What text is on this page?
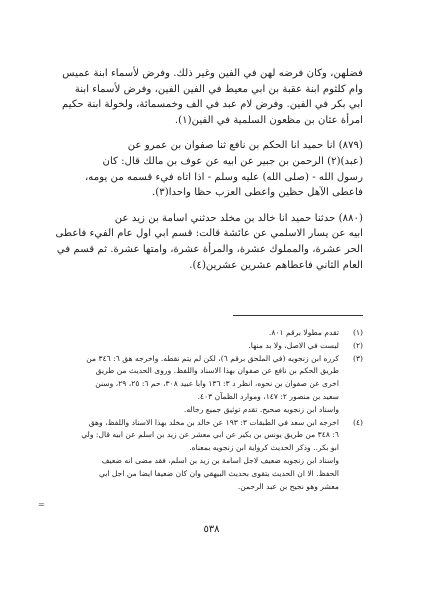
فضلهن، وكان فرضه لهن في الفين وغير ذلك. وفرض لأسماء ابنة عميس

وام كلثوم ابنة عقبة بن ابي معيط في الفين الفين، وفرض لأسماء ابنة

ابي بكر في الفين. وفرض لام عبد في الف وخمسمائة، ولخولة ابنة حكيم

امرأة عثان بن مظعون السلمية في الفين(١).

(٨٧٩) انا حميد انا الحكم بن نافع ثنا صفوان بن عمرو عن

(عبد)(٢) الرحمن بن جبير عن ابيه عن عوف بن مالك قال: كان

رسول الله - (صلى الله) عليه وسلم - اذا اتاه فيء قسمه من يومه،

فاعطى الآهل حظين واعطى العزب حظا واحدا(٣).

(٨٨٠) حدثنا حميد انا خالد بن مخلد حدثني اسامة بن زيد عن

ابيه عن يسار الاسلمي عن عائشة قالت: قسم ابي اول عام الفيء فاعطى

الحر عشرة، والمملوك عشرة، والمرأة عشرة، وامتها عشرة. ثم قسم في

العام الثاني فاعطاهم عشرين عشرين(٤).

(١)

تقدم مطولا برقم ٨٠١.

(٢)

ليست في الاصل، ولا بد منها.

(٣)

كرره ابن زنجويه (في الملحق برقم ٦)، لكن لم يتم نقطه. واخرجه هق ٦: ٣٤٦ من

طريق الحكم بن نافع عن صفوان بهذا الاسناد واللفظ. وروى الحديث من طريق

اخرى عن صفوان بن نحوه، انظر د ٣: ١٣٦ وابا عبيد ٣٠٨، حم ٦: ٢٥، ٢٩، وسنن

سعيد بن منصور ٢: ١٤٧، وموارد الظمآن ٤٠٣.

واسناد ابن زنجويه صحيح. تقدم توثيق جميع رجاله.

(٤)

اخرجه ابن سعد في الطبقات ٣: ١٩٣ عن خالد بن مخلد بهذا الاسناد واللفظ، وهق

٦: ٣٤٨ من طريق يونس بن بكير عن ابي معشر عن زيد بن اسلم عن ابيه قال: ولي

ابو بكر.. وذكر الحديث كرواية ابن زنجويه بمعناه.

واسناد ابن زنجويه ضعيف لاجل اسامة بن زيد بن اسلم، فقد مضى انه ضعيف

الحفظ. الا ان الحديث يتقوى بحديث البيهقي وان كان ضعيفا ايضا من اجل ابي

معشر وهو نجيح بن عبد الرحمن.

=
٥٣٨
